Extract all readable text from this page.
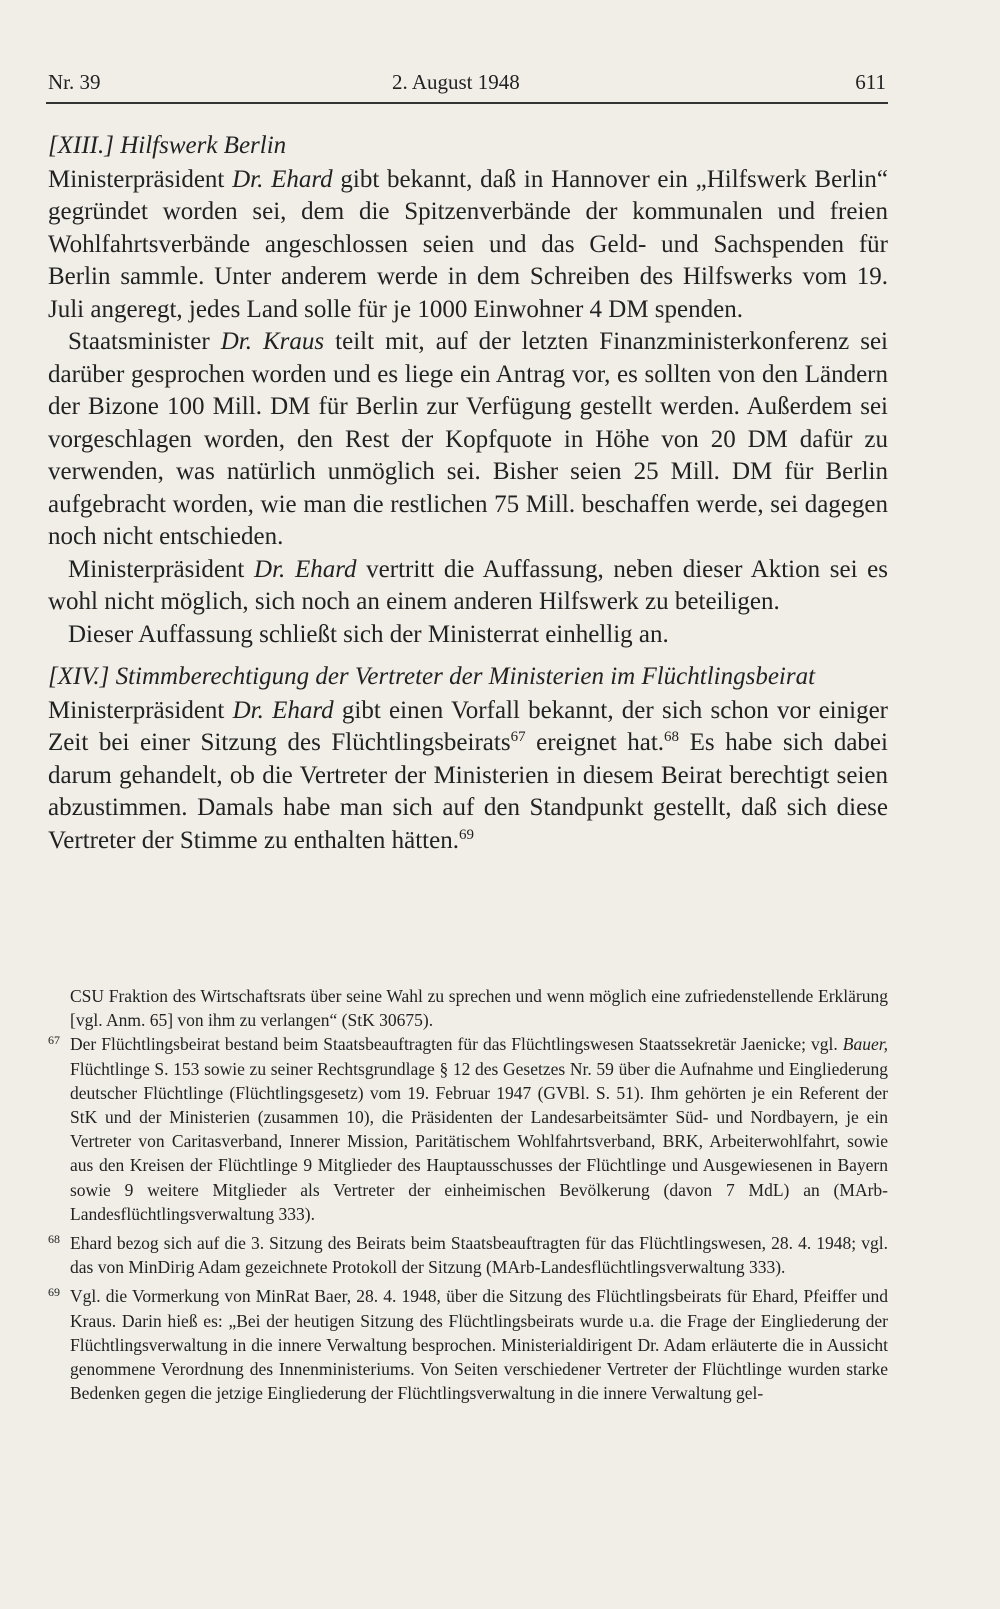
Nr. 39	2. August 1948	611
[XIII.] Hilfswerk Berlin

Ministerpräsident Dr. Ehard gibt bekannt, daß in Hannover ein „Hilfswerk Berlin“ gegründet worden sei, dem die Spitzenverbände der kommunalen und freien Wohlfahrtsverbände angeschlossen seien und das Geld- und Sachspenden für Berlin sammle. Unter anderem werde in dem Schreiben des Hilfswerks vom 19. Juli angeregt, jedes Land solle für je 1000 Einwohner 4 DM spenden.

Staatsminister Dr. Kraus teilt mit, auf der letzten Finanzministerkonferenz sei darüber gesprochen worden und es liege ein Antrag vor, es sollten von den Ländern der Bizone 100 Mill. DM für Berlin zur Verfügung gestellt werden. Außerdem sei vorgeschlagen worden, den Rest der Kopfquote in Höhe von 20 DM dafür zu verwenden, was natürlich unmöglich sei. Bisher seien 25 Mill. DM für Berlin aufgebracht worden, wie man die restlichen 75 Mill. beschaffen werde, sei dagegen noch nicht entschieden.

Ministerpräsident Dr. Ehard vertritt die Auffassung, neben dieser Aktion sei es wohl nicht möglich, sich noch an einem anderen Hilfswerk zu beteiligen.

Dieser Auffassung schließt sich der Ministerrat einhellig an.

[XIV.] Stimmberechtigung der Vertreter der Ministerien im Flüchtlingsbeirat

Ministerpräsident Dr. Ehard gibt einen Vorfall bekannt, der sich schon vor einiger Zeit bei einer Sitzung des Flüchtlingsbeirats$^{67}$ ereignet hat.$^{68}$ Es habe sich dabei darum gehandelt, ob die Vertreter der Ministerien in diesem Beirat berechtigt seien abzustimmen. Damals habe man sich auf den Standpunkt gestellt, daß sich diese Vertreter der Stimme zu enthalten hätten.$^{69}$

CSU Fraktion des Wirtschaftsrats über seine Wahl zu sprechen und wenn möglich eine zufriedenstellende Erklärung [vgl. Anm. 65] von ihm zu verlangen“ (StK 30675).

67 Der Flüchtlingsbeirat bestand beim Staatsbeauftragten für das Flüchtlingswesen Staatssekretär Jaenicke; vgl. Bauer, Flüchtlinge S. 153 sowie zu seiner Rechtsgrundlage § 12 des Gesetzes Nr. 59 über die Aufnahme und Eingliederung deutscher Flüchtlinge (Flüchtlingsgesetz) vom 19. Februar 1947 (GVBl. S. 51). Ihm gehörten je ein Referent der StK und der Ministerien (zusammen 10), die Präsidenten der Landesarbeitsämter Süd- und Nordbayern, je ein Vertreter von Caritasverband, Innerer Mission, Paritätischem Wohlfahrtsverband, BRK, Arbeiterwohlfahrt, sowie aus den Kreisen der Flüchtlinge 9 Mitglieder des Hauptausschusses der Flüchtlinge und Ausgewiesenen in Bayern sowie 9 weitere Mitglieder als Vertreter der einheimischen Bevölkerung (davon 7 MdL) an (MArb-Landesflüchtlingsverwaltung 333).

68 Ehard bezog sich auf die 3. Sitzung des Beirats beim Staatsbeauftragten für das Flüchtlingswesen, 28. 4. 1948; vgl. das von MinDirig Adam gezeichnete Protokoll der Sitzung (MArb-Landesflüchtlingsverwaltung 333).

69 Vgl. die Vormerkung von MinRat Baer, 28. 4. 1948, über die Sitzung des Flüchtlingsbeirats für Ehard, Pfeiffer und Kraus. Darin hieß es: „Bei der heutigen Sitzung des Flüchtlingsbeirats wurde u.a. die Frage der Eingliederung der Flüchtlingsverwaltung in die innere Verwaltung besprochen. Ministerialdirigent Dr. Adam erläuterte die in Aussicht genommene Verordnung des Innenministeriums. Von Seiten verschiedener Vertreter der Flüchtlinge wurden starke Bedenken gegen die jetzige Eingliederung der Flüchtlingsverwaltung in die innere Verwaltung gel-
